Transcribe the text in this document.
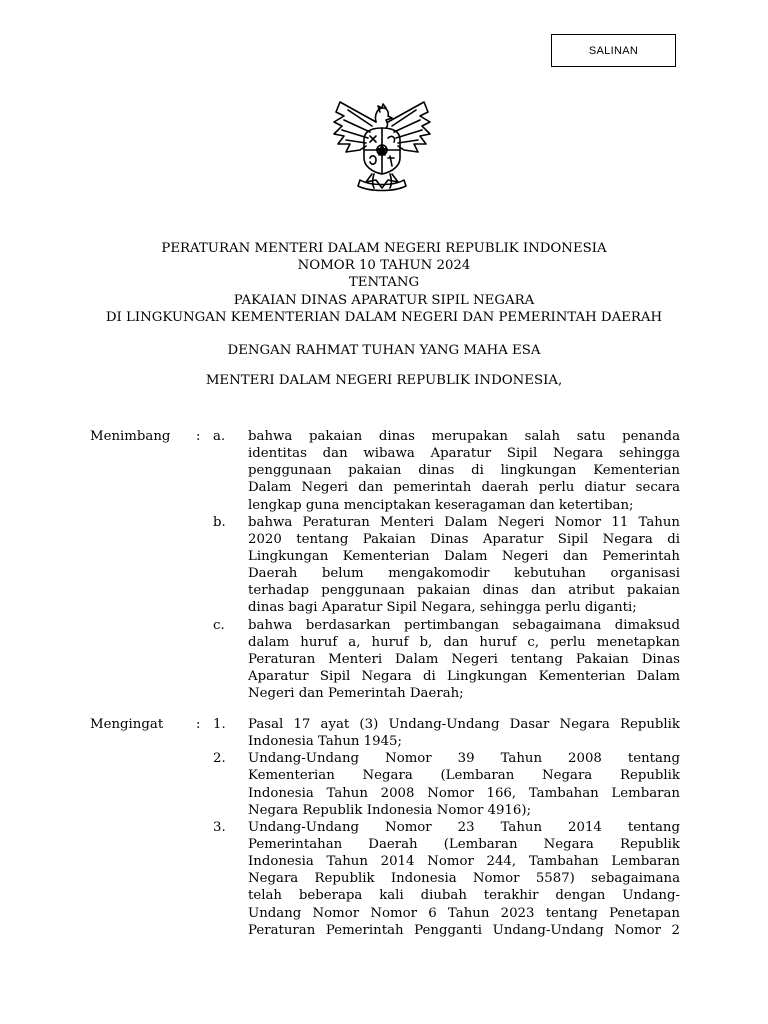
SALINAN
PERATURAN MENTERI DALAM NEGERI REPUBLIK INDONESIA
NOMOR 10 TAHUN 2024
TENTANG
PAKAIAN DINAS APARATUR SIPIL NEGARA
DI LINGKUNGAN KEMENTERIAN DALAM NEGERI DAN PEMERINTAH DAERAH
DENGAN RAHMAT TUHAN YANG MAHA ESA
MENTERI DALAM NEGERI REPUBLIK INDONESIA,
Menimbang	: a.	bahwa pakaian dinas merupakan salah satu penanda
identitas dan wibawa Aparatur Sipil Negara sehingga
penggunaan pakaian dinas di lingkungan Kementerian
Dalam Negeri dan pemerintah daerah perlu diatur secara
lengkap guna menciptakan keseragaman dan ketertiban;
b.	bahwa Peraturan Menteri Dalam Negeri Nomor 11 Tahun
2020 tentang Pakaian Dinas Aparatur Sipil Negara di
Lingkungan Kementerian Dalam Negeri dan Pemerintah
Daerah belum mengakomodir kebutuhan organisasi
terhadap penggunaan pakaian dinas dan atribut pakaian
dinas bagi Aparatur Sipil Negara, sehingga perlu diganti;
c.	bahwa berdasarkan pertimbangan sebagaimana dimaksud
dalam huruf a, huruf b, dan huruf c, perlu menetapkan
Peraturan Menteri Dalam Negeri tentang Pakaian Dinas
Aparatur Sipil Negara di Lingkungan Kementerian Dalam
Negeri dan Pemerintah Daerah;
Mengingat	: 1.	Pasal 17 ayat (3) Undang-Undang Dasar Negara Republik
Indonesia Tahun 1945;
2.	Undang-Undang Nomor 39 Tahun 2008 tentang
Kementerian Negara (Lembaran Negara Republik
Indonesia Tahun 2008 Nomor 166, Tambahan Lembaran
Negara Republik Indonesia Nomor 4916);
3.	Undang-Undang Nomor 23 Tahun 2014 tentang
Pemerintahan Daerah (Lembaran Negara Republik
Indonesia Tahun 2014 Nomor 244, Tambahan Lembaran
Negara Republik Indonesia Nomor 5587) sebagaimana
telah beberapa kali diubah terakhir dengan Undang-
Undang Nomor Nomor 6 Tahun 2023 tentang Penetapan
Peraturan Pemerintah Pengganti Undang-Undang Nomor 2
